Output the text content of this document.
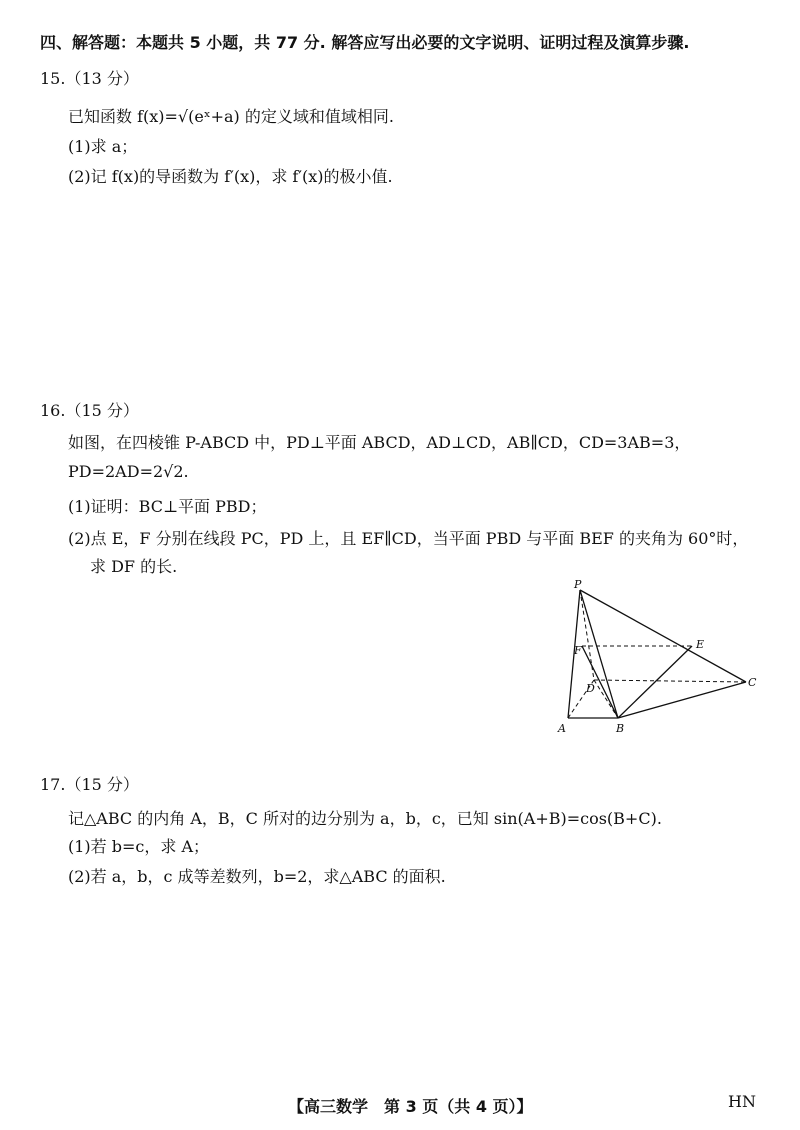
四、解答题：本题共 5 小题，共 77 分. 解答应写出必要的文字说明、证明过程及演算步骤.
15.（13 分）
已知函数 f(x)=√(eˣ+a) 的定义域和值域相同.
(1)求 a；
(2)记 f(x)的导函数为 f′(x)，求 f′(x)的极小值.
16.（15 分）
如图，在四棱锥 P-ABCD 中，PD⊥平面 ABCD，AD⊥CD，AB∥CD，CD=3AB=3，
PD=2AD=2√2.
(1)证明：BC⊥平面 PBD；
(2)点 E，F 分别在线段 PC，PD 上，且 EF∥CD，当平面 PBD 与平面 BEF 的夹角为 60°时，
求 DF 的长.
P
A	B
C
D
E
F
17.（15 分）
记△ABC 的内角 A，B，C 所对的边分别为 a，b，c，已知 sin(A+B)=cos(B+C).
(1)若 b=c，求 A；
(2)若 a，b，c 成等差数列，b=2，求△ABC 的面积.
【高三数学　第 3 页（共 4 页）】	HN
